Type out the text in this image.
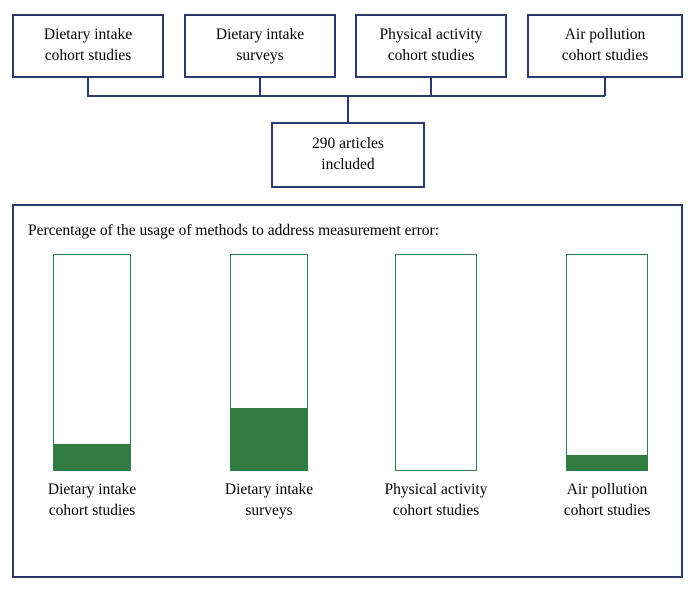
Dietary intake
cohort studies
Dietary intake
surveys
Physical activity
cohort studies
Air pollution
cohort studies
290 articles
included
Percentage of the usage of methods to address measurement error:
Dietary intake
cohort studies
Dietary intake
surveys
Physical activity
cohort studies
Air pollution
cohort studies
